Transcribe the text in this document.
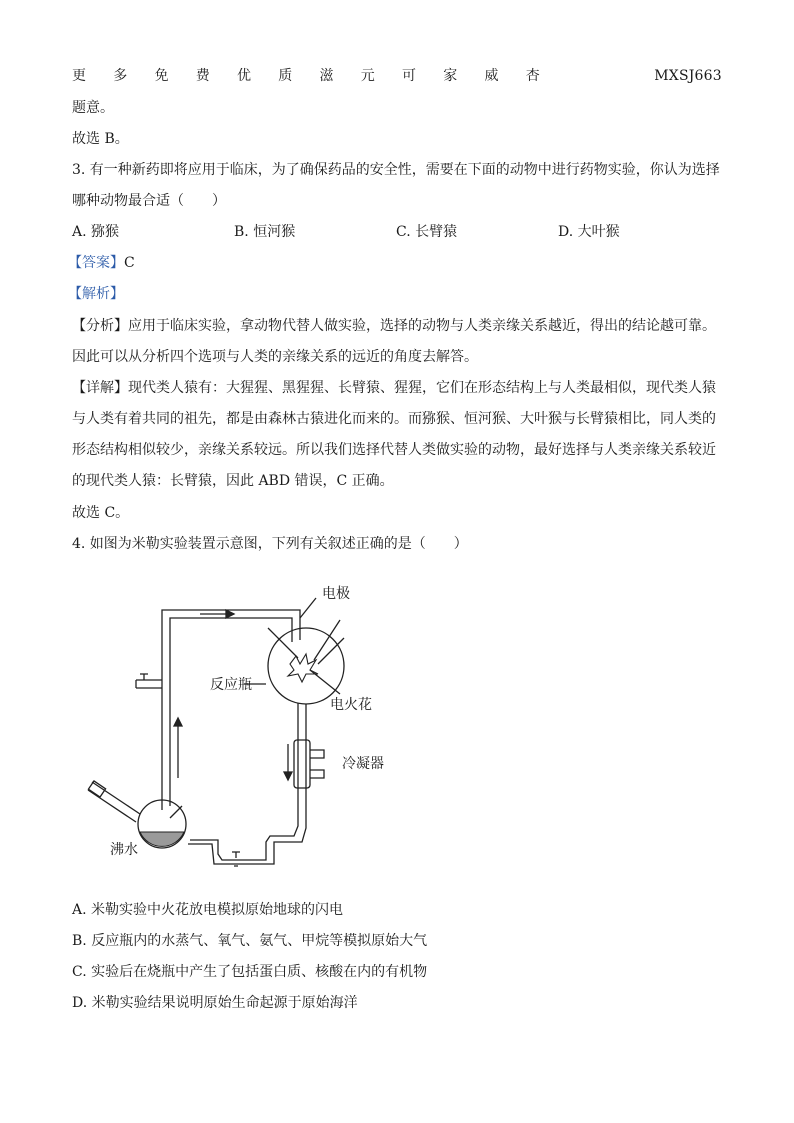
更 多 免 费 优 质 滋 元 可 家 威 杏	MXSJ663
题意。
故选 B。
3. 有一种新药即将应用于临床，为了确保药品的安全性，需要在下面的动物中进行药物实验，你认为选择
哪种动物最合适（　　）
A. 猕猴	B. 恒河猴	C. 长臂猿	D. 大叶猴
【答案】C
【解析】
【分析】应用于临床实验，拿动物代替人做实验，选择的动物与人类亲缘关系越近，得出的结论越可靠。
因此可以从分析四个选项与人类的亲缘关系的远近的角度去解答。
【详解】现代类人猿有：大猩猩、黑猩猩、长臂猿、猩猩，它们在形态结构上与人类最相似，现代类人猿
与人类有着共同的祖先，都是由森林古猿进化而来的。而猕猴、恒河猴、大叶猴与长臂猿相比，同人类的
形态结构相似较少，亲缘关系较远。所以我们选择代替人类做实验的动物，最好选择与人类亲缘关系较近
的现代类人猿：长臂猿，因此 ABD 错误，C 正确。
故选 C。
4. 如图为米勒实验装置示意图，下列有关叙述正确的是（　　）
电极
反应瓶
电火花
冷凝器
沸水
A. 米勒实验中火花放电模拟原始地球的闪电
B. 反应瓶内的水蒸气、氧气、氨气、甲烷等模拟原始大气
C. 实验后在烧瓶中产生了包括蛋白质、核酸在内的有机物
D. 米勒实验结果说明原始生命起源于原始海洋
